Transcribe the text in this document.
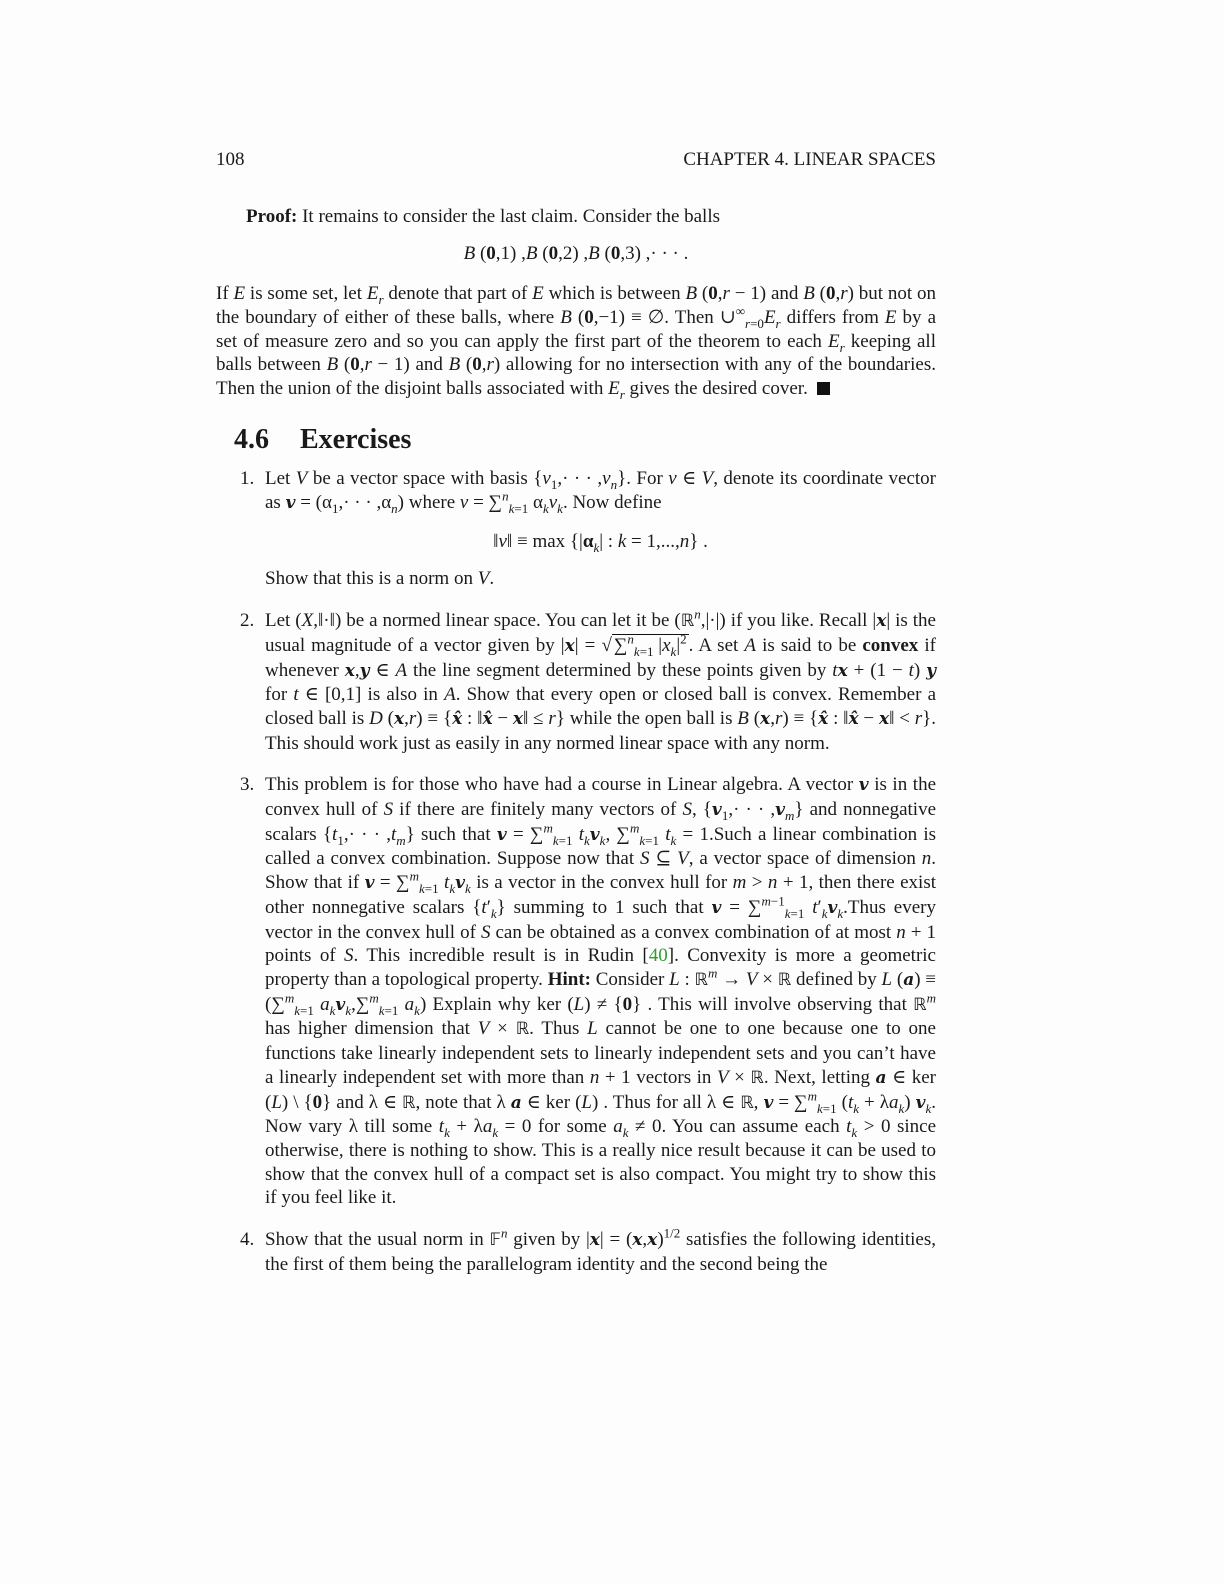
108	CHAPTER 4. LINEAR SPACES

Proof: It remains to consider the last claim. Consider the balls

B (0,1) ,B (0,2) ,B (0,3) ,· · · .

If E is some set, let $E_r$ denote that part of E which is between B (0,r − 1) and B (0,r) but not on the boundary of either of these balls, where B (0,−1) ≡ ∅. Then $\cup^\infty_{r=0}E_r$ differs from E by a set of measure zero and so you can apply the first part of the theorem to each $E_r$ keeping all balls between B (0,r − 1) and B (0,r) allowing for no intersection with any of the boundaries. Then the union of the disjoint balls associated with $E_r$ gives the desired cover.

4.6 Exercises
1. Let V be a vector space with basis {$v_1,\cdot$ · · $,v_n$}. For v ∈ V, denote its coordinate vector as $v = (\alpha_1,\cdot$ · · $,\alpha_n$) where v = ∑$^n_{k=1}$ $\alpha_kv_k$. Now define
‖v‖ ≡ $\max \{|\alpha_k|$ : k = 1,...,n} .
Show that this is a norm on V.
2. Let (X,‖·‖) be a normed linear space. You can let it be (ℝ$^n$,|·|) if you like. Recall |x| is the usual magnitude of a vector given by |x| = √ ∑$^n_{k=1}$ $|x_k|^2$ . A set A is said to be convex if whenever x,y ∈ A the line segment determined by these points given by tx + (1 − t) y for t ∈ [0,1] is also in A. Show that every open or closed ball is convex. Remember a closed ball is D (x,r) ≡ {x̂ : ‖x̂ − x‖ ≤ r} while the open ball is B (x,r) ≡ {x̂ : ‖x̂ − x‖ < r}. This should work just as easily in any normed linear space with any norm.
3. This problem is for those who have had a course in Linear algebra. A vector v is in the convex hull of S if there are finitely many vectors of S, {$v_1,\cdot$ · · $,v_m$} and nonnegative scalars {$t_1,\cdot$ · · $,t_m$} such that v = ∑$^m_{k=1}$ $t_kv_k$, ∑$^m_{k=1}$ $t_k$ = 1.Such a linear combination is called a convex combination. Suppose now that S ⊆ V, a vector space of dimension n. Show that if v = ∑$^m_{k=1}$ $t_kv_k$ is a vector in the convex hull for m > n + 1, then there exist other nonnegative scalars $\{t'_k\}$ summing to 1 such that v = ∑$^{m-1}_{k=1}$ $t'_kv_k.Thus$ every vector in the convex hull of S can be obtained as a convex combination of at most n + 1 points of S. This incredible result is in Rudin [40]. Convexity is more a geometric property than a topological property. Hint: Consider L : ℝ$^m$ → V × ℝ defined by L (a) ≡ (∑$^m_{k=1}$ $a_kv_k,\sum^m_{k=1}$ $a_k$) Explain why ker (L) ≠ {0} . This will involve observing that ℝ$^m$ has higher dimension that V × ℝ. Thus L cannot be one to one because one to one functions take linearly independent sets to linearly independent sets and you can’t have a linearly independent set with more than n + 1 vectors in V × ℝ. Next, letting a ∈ ker (L) \ {0} and λ ∈ ℝ, note that λ a ∈ ker (L) . Thus for all λ ∈ ℝ, v = ∑$^m_{k=1}$ $(t_k + \lambda a_k)$ $v_k$. Now vary λ till some $t_k + \lambda a_k = 0$ for some $a_k \ne 0$. You can assume each $t_k > 0$ since otherwise, there is nothing to show. This is a really nice result because it can be used to show that the convex hull of a compact set is also compact. You might try to show this if you feel like it.
4. Show that the usual norm in 𝔽$^n$ given by $|x| = (x,x)^{1/2}$ satisfies the following identities, the first of them being the parallelogram identity and the second being the
